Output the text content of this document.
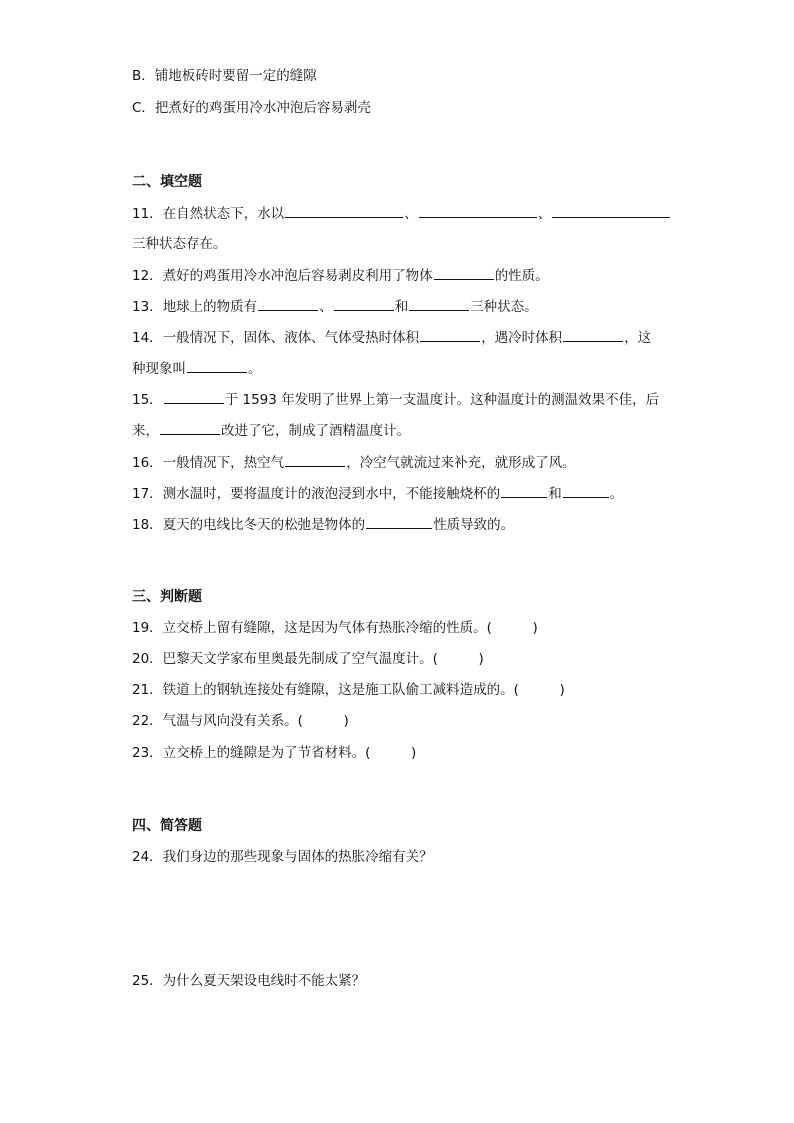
B．铺地板砖时要留一定的缝隙
C．把煮好的鸡蛋用冷水冲泡后容易剥壳
二、填空题
11．在自然状态下，水以	、	、
三种状态存在。
12．煮好的鸡蛋用冷水冲泡后容易剥皮利用了物体	的性质。
13．地球上的物质有	、	和	三种状态。
14．一般情况下，固体、液体、气体受热时体积	，遇冷时体积	，这
种现象叫	。
15．	于 1593 年发明了世界上第一支温度计。这种温度计的测温效果不佳，后
来，	改进了它，制成了酒精温度计。
16．一般情况下，热空气	，冷空气就流过来补充，就形成了风。
17．测水温时，要将温度计的液泡浸到水中，不能接触烧杯的	和	。
18．夏天的电线比冬天的松弛是物体的	性质导致的。
三、判断题
19．立交桥上留有缝隙，这是因为气体有热胀冷缩的性质。(　　　)
20．巴黎天文学家布里奥最先制成了空气温度计。(　　　)
21．铁道上的钢轨连接处有缝隙，这是施工队偷工减料造成的。(　　　)
22．气温与风向没有关系。(　　　)
23．立交桥上的缝隙是为了节省材料。(　　　)
四、简答题
24．我们身边的那些现象与固体的热胀冷缩有关？
25．为什么夏天架设电线时不能太紧？
